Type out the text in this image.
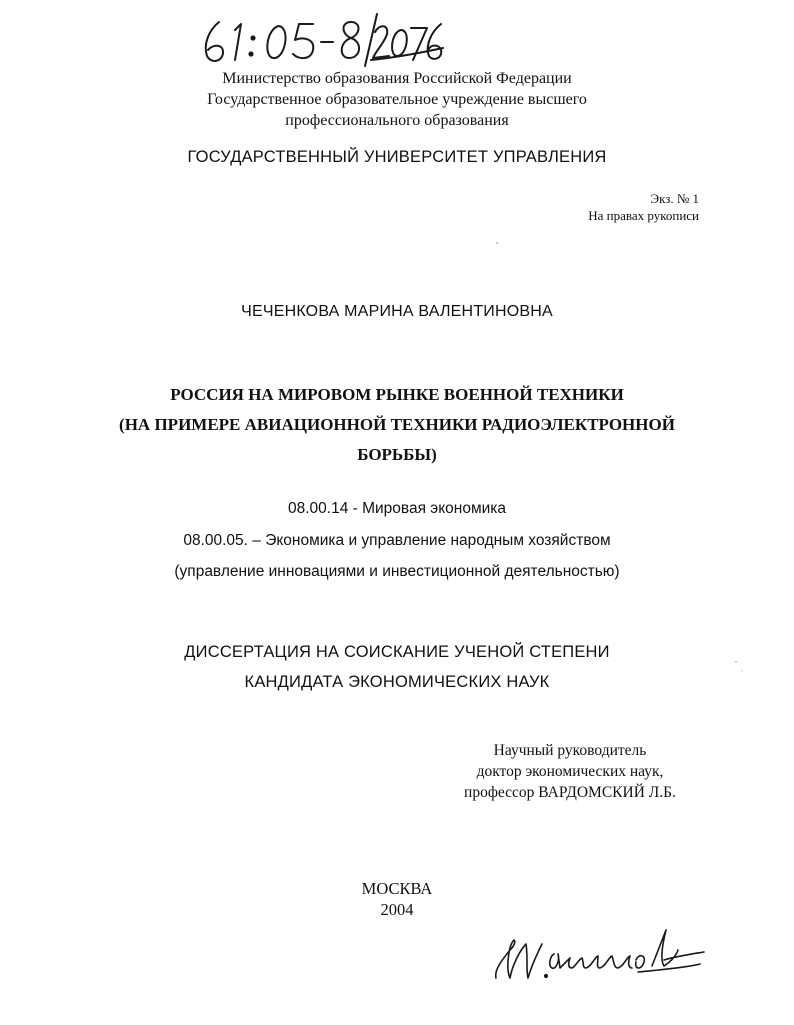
Министерство образования Российской Федерации
Государственное образовательное учреждение высшего
профессионального образования
ГОСУДАРСТВЕННЫЙ УНИВЕРСИТЕТ УПРАВЛЕНИЯ
Экз. № 1
На правах рукописи
ЧЕЧЕНКОВА МАРИНА ВАЛЕНТИНОВНА
РОССИЯ НА МИРОВОМ РЫНКЕ ВОЕННОЙ ТЕХНИКИ
(НА ПРИМЕРЕ АВИАЦИОННОЙ ТЕХНИКИ РАДИОЭЛЕКТРОННОЙ
БОРЬБЫ)
08.00.14 - Мировая экономика
08.00.05. – Экономика и управление народным хозяйством
(управление инновациями и инвестиционной деятельностью)
ДИССЕРТАЦИЯ НА СОИСКАНИЕ УЧЕНОЙ СТЕПЕНИ
КАНДИДАТА ЭКОНОМИЧЕСКИХ НАУК
Научный руководитель
доктор экономических наук,
профессор ВАРДОМСКИЙ Л.Б.
МОСКВА
2004
